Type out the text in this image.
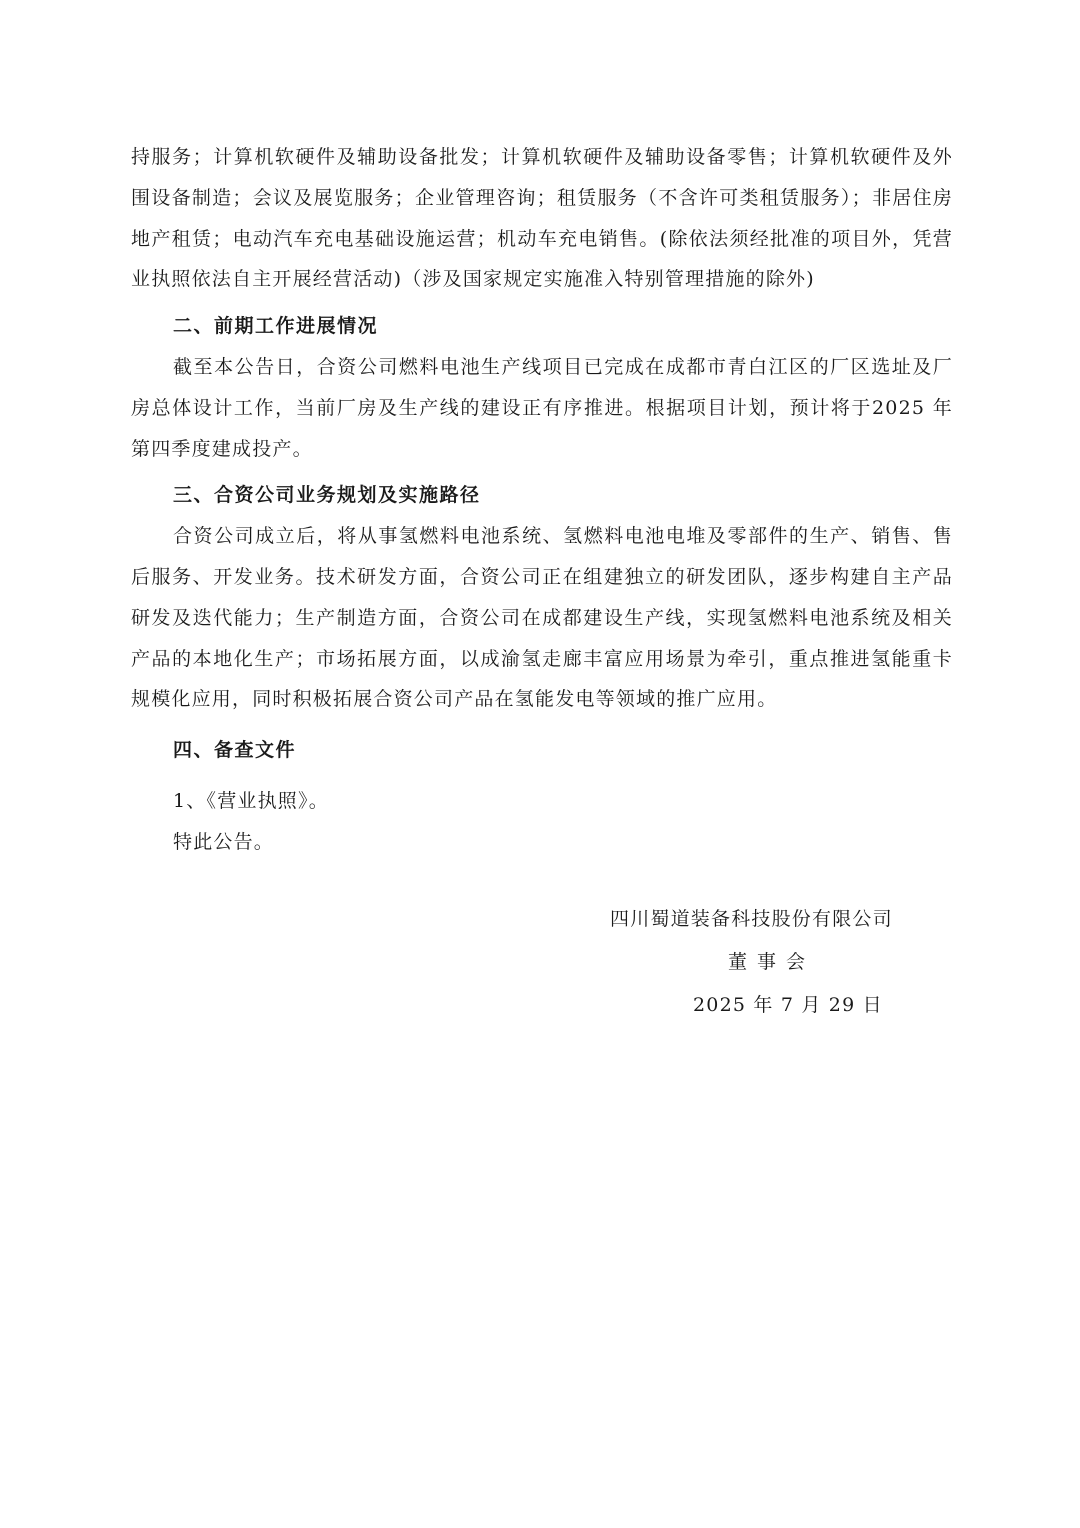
持服务；计算机软硬件及辅助设备批发；计算机软硬件及辅助设备零售；计算机软硬件及外围设备制造；会议及展览服务；企业管理咨询；租赁服务（不含许可类租赁服务）；非居住房地产租赁；电动汽车充电基础设施运营；机动车充电销售。(除依法须经批准的项目外，凭营业执照依法自主开展经营活动)（涉及国家规定实施准入特别管理措施的除外)

二、前期工作进展情况

截至本公告日，合资公司燃料电池生产线项目已完成在成都市青白江区的厂区选址及厂房总体设计工作，当前厂房及生产线的建设正有序推进。根据项目计划，预计将于2025 年第四季度建成投产。

三、合资公司业务规划及实施路径

合资公司成立后，将从事氢燃料电池系统、氢燃料电池电堆及零部件的生产、销售、售后服务、开发业务。技术研发方面，合资公司正在组建独立的研发团队，逐步构建自主产品研发及迭代能力；生产制造方面，合资公司在成都建设生产线，实现氢燃料电池系统及相关产品的本地化生产；市场拓展方面，以成渝氢走廊丰富应用场景为牵引，重点推进氢能重卡规模化应用，同时积极拓展合资公司产品在氢能发电等领域的推广应用。

四、备查文件

1、《营业执照》。

特此公告。

四川蜀道装备科技股份有限公司
董事会
2025 年 7 月 29 日
